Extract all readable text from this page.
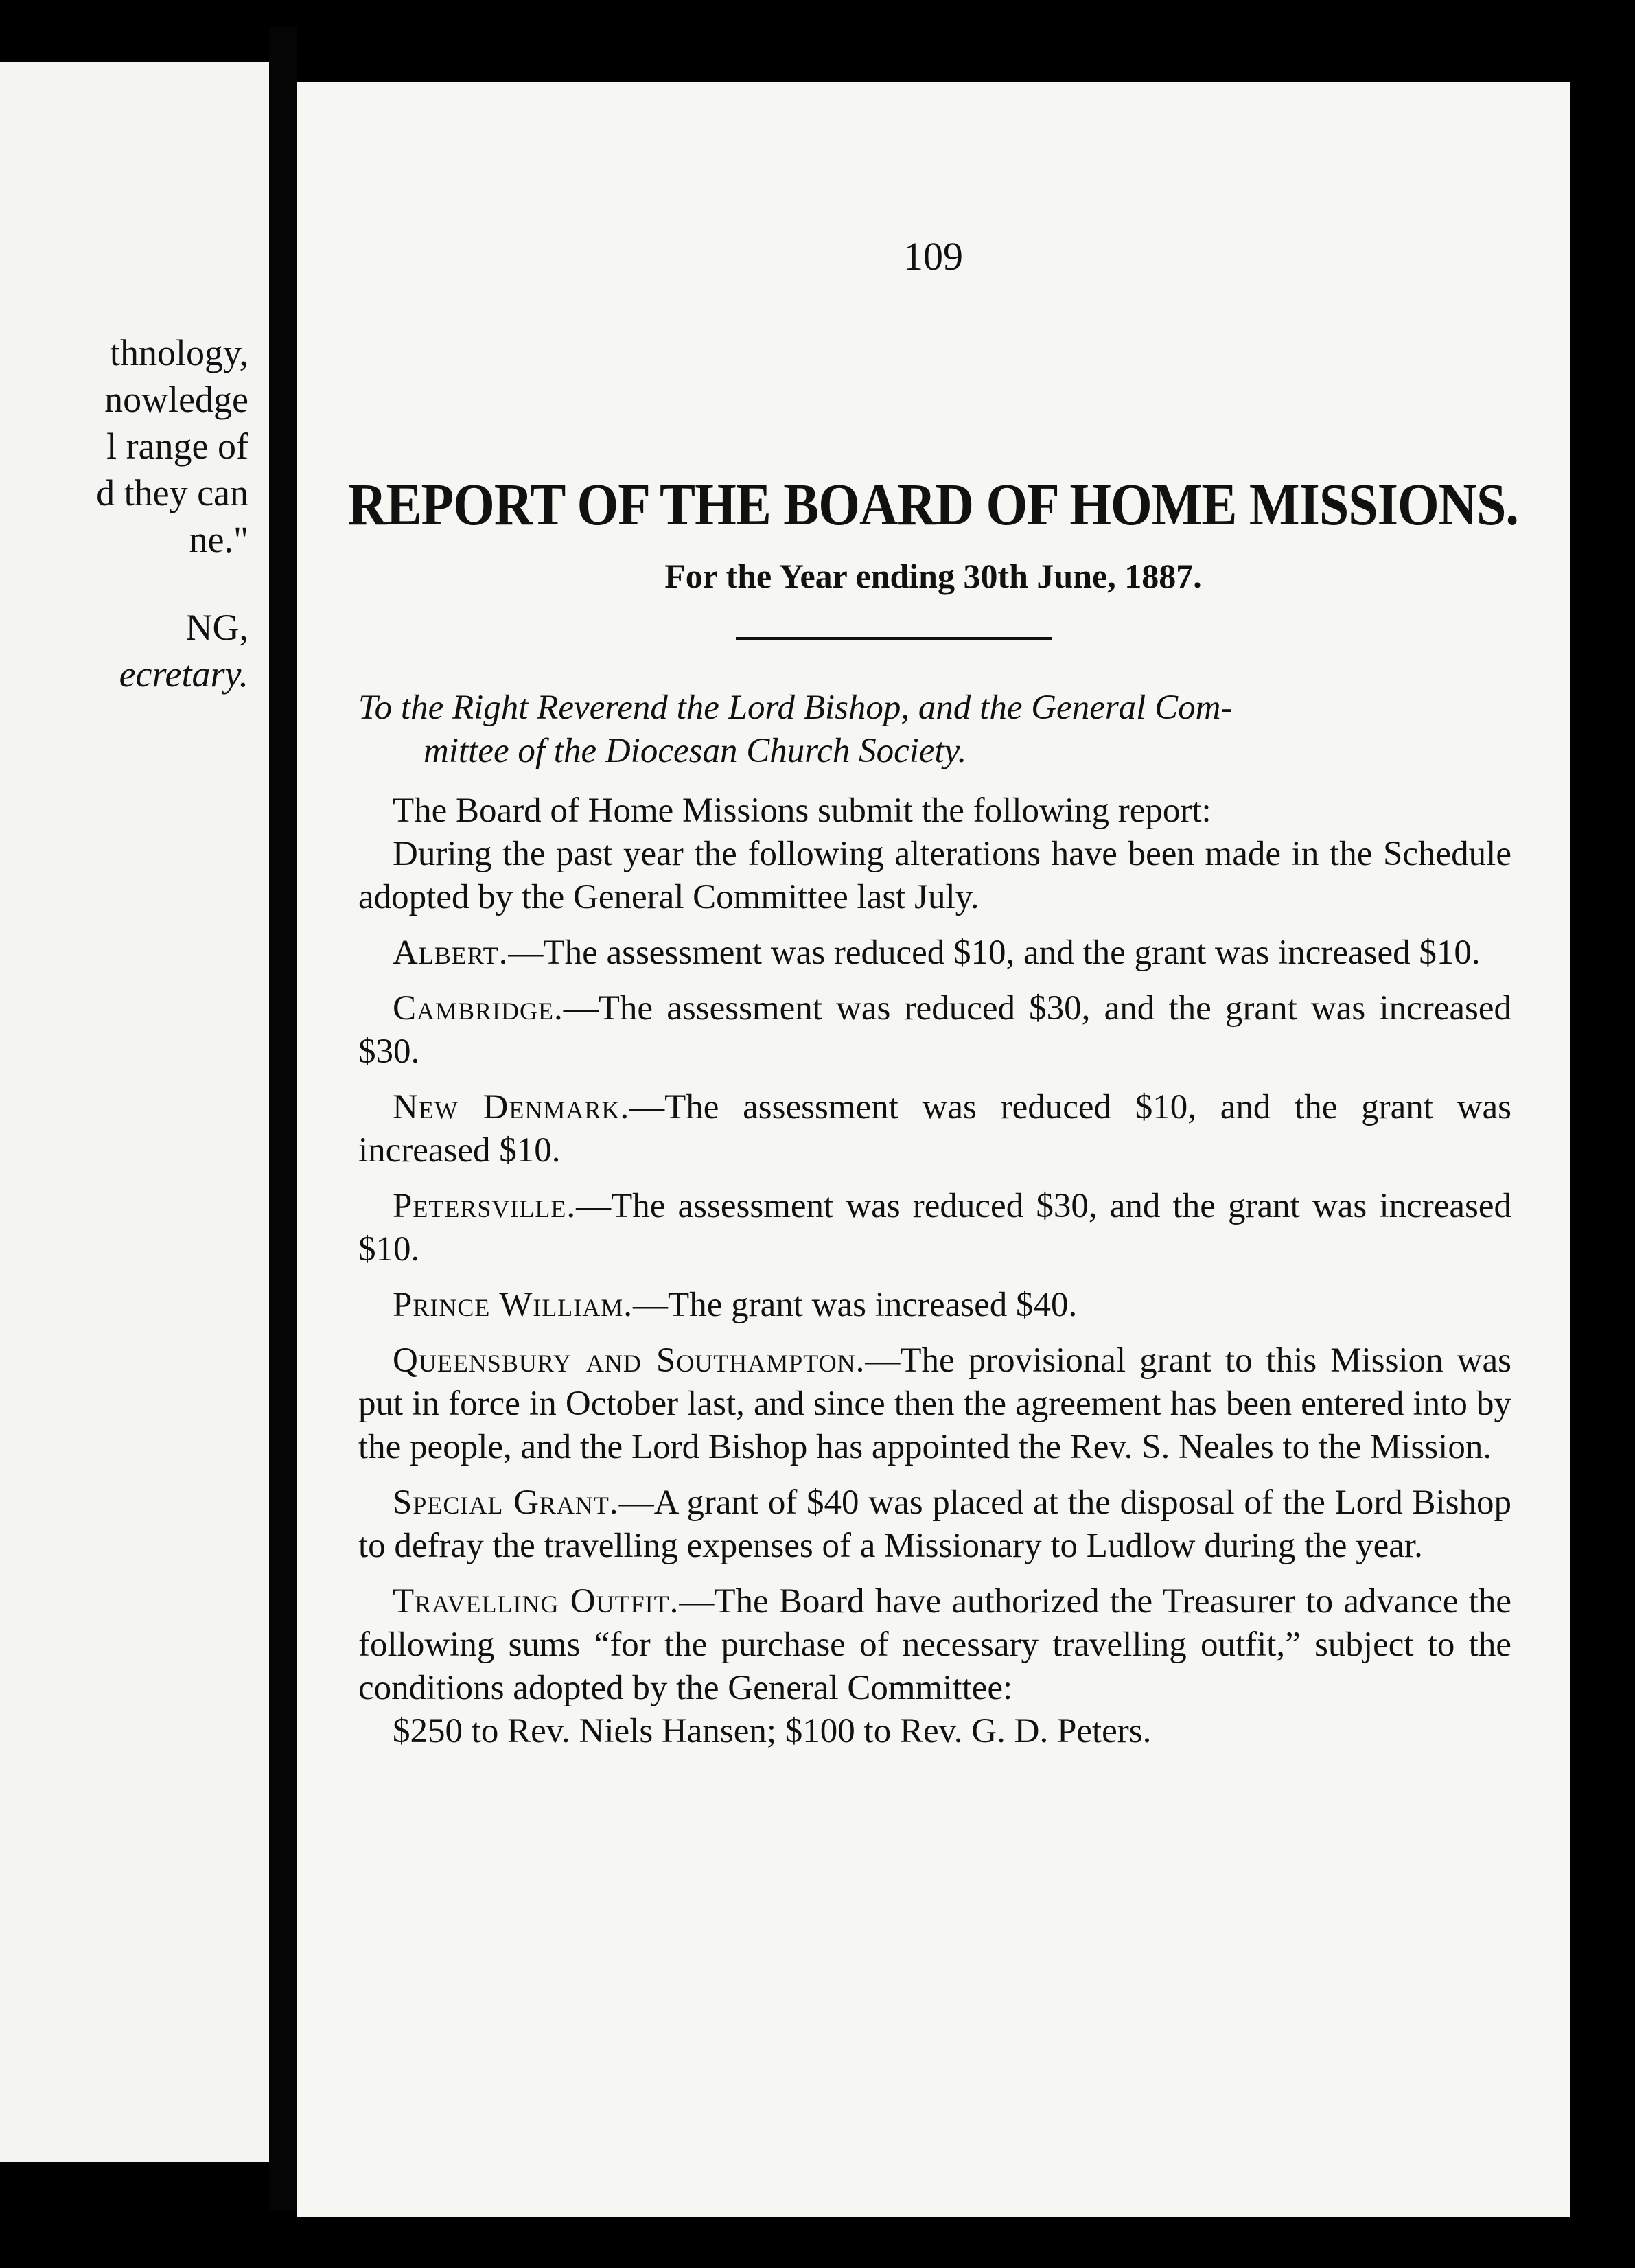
thnology,
nowledge
l range of
d they can
ne."
NG,
ecretary.
109
REPORT OF THE BOARD OF HOME MISSIONS.
For the Year ending 30th June, 1887.
To the Right Reverend the Lord Bishop, and the General Com-
mittee of the Diocesan Church Society.

The Board of Home Missions submit the following report:

During the past year the following alterations have been made in the Schedule adopted by the General Committee last July.

Albert.—The assessment was reduced $10, and the grant was increased $10.

Cambridge.—The assessment was reduced $30, and the grant was increased $30.

New Denmark.—The assessment was reduced $10, and the grant was increased $10.

Petersville.—The assessment was reduced $30, and the grant was increased $10.

Prince William.—The grant was increased $40.

Queensbury and Southampton.—The provisional grant to this Mission was put in force in October last, and since then the agreement has been entered into by the people, and the Lord Bishop has appointed the Rev. S. Neales to the Mission.

Special Grant.—A grant of $40 was placed at the disposal of the Lord Bishop to defray the travelling expenses of a Missionary to Ludlow during the year.

Travelling Outfit.—The Board have authorized the Treasurer to advance the following sums “for the purchase of necessary travelling outfit,” subject to the conditions adopted by the General Committee:

$250 to Rev. Niels Hansen; $100 to Rev. G. D. Peters.
